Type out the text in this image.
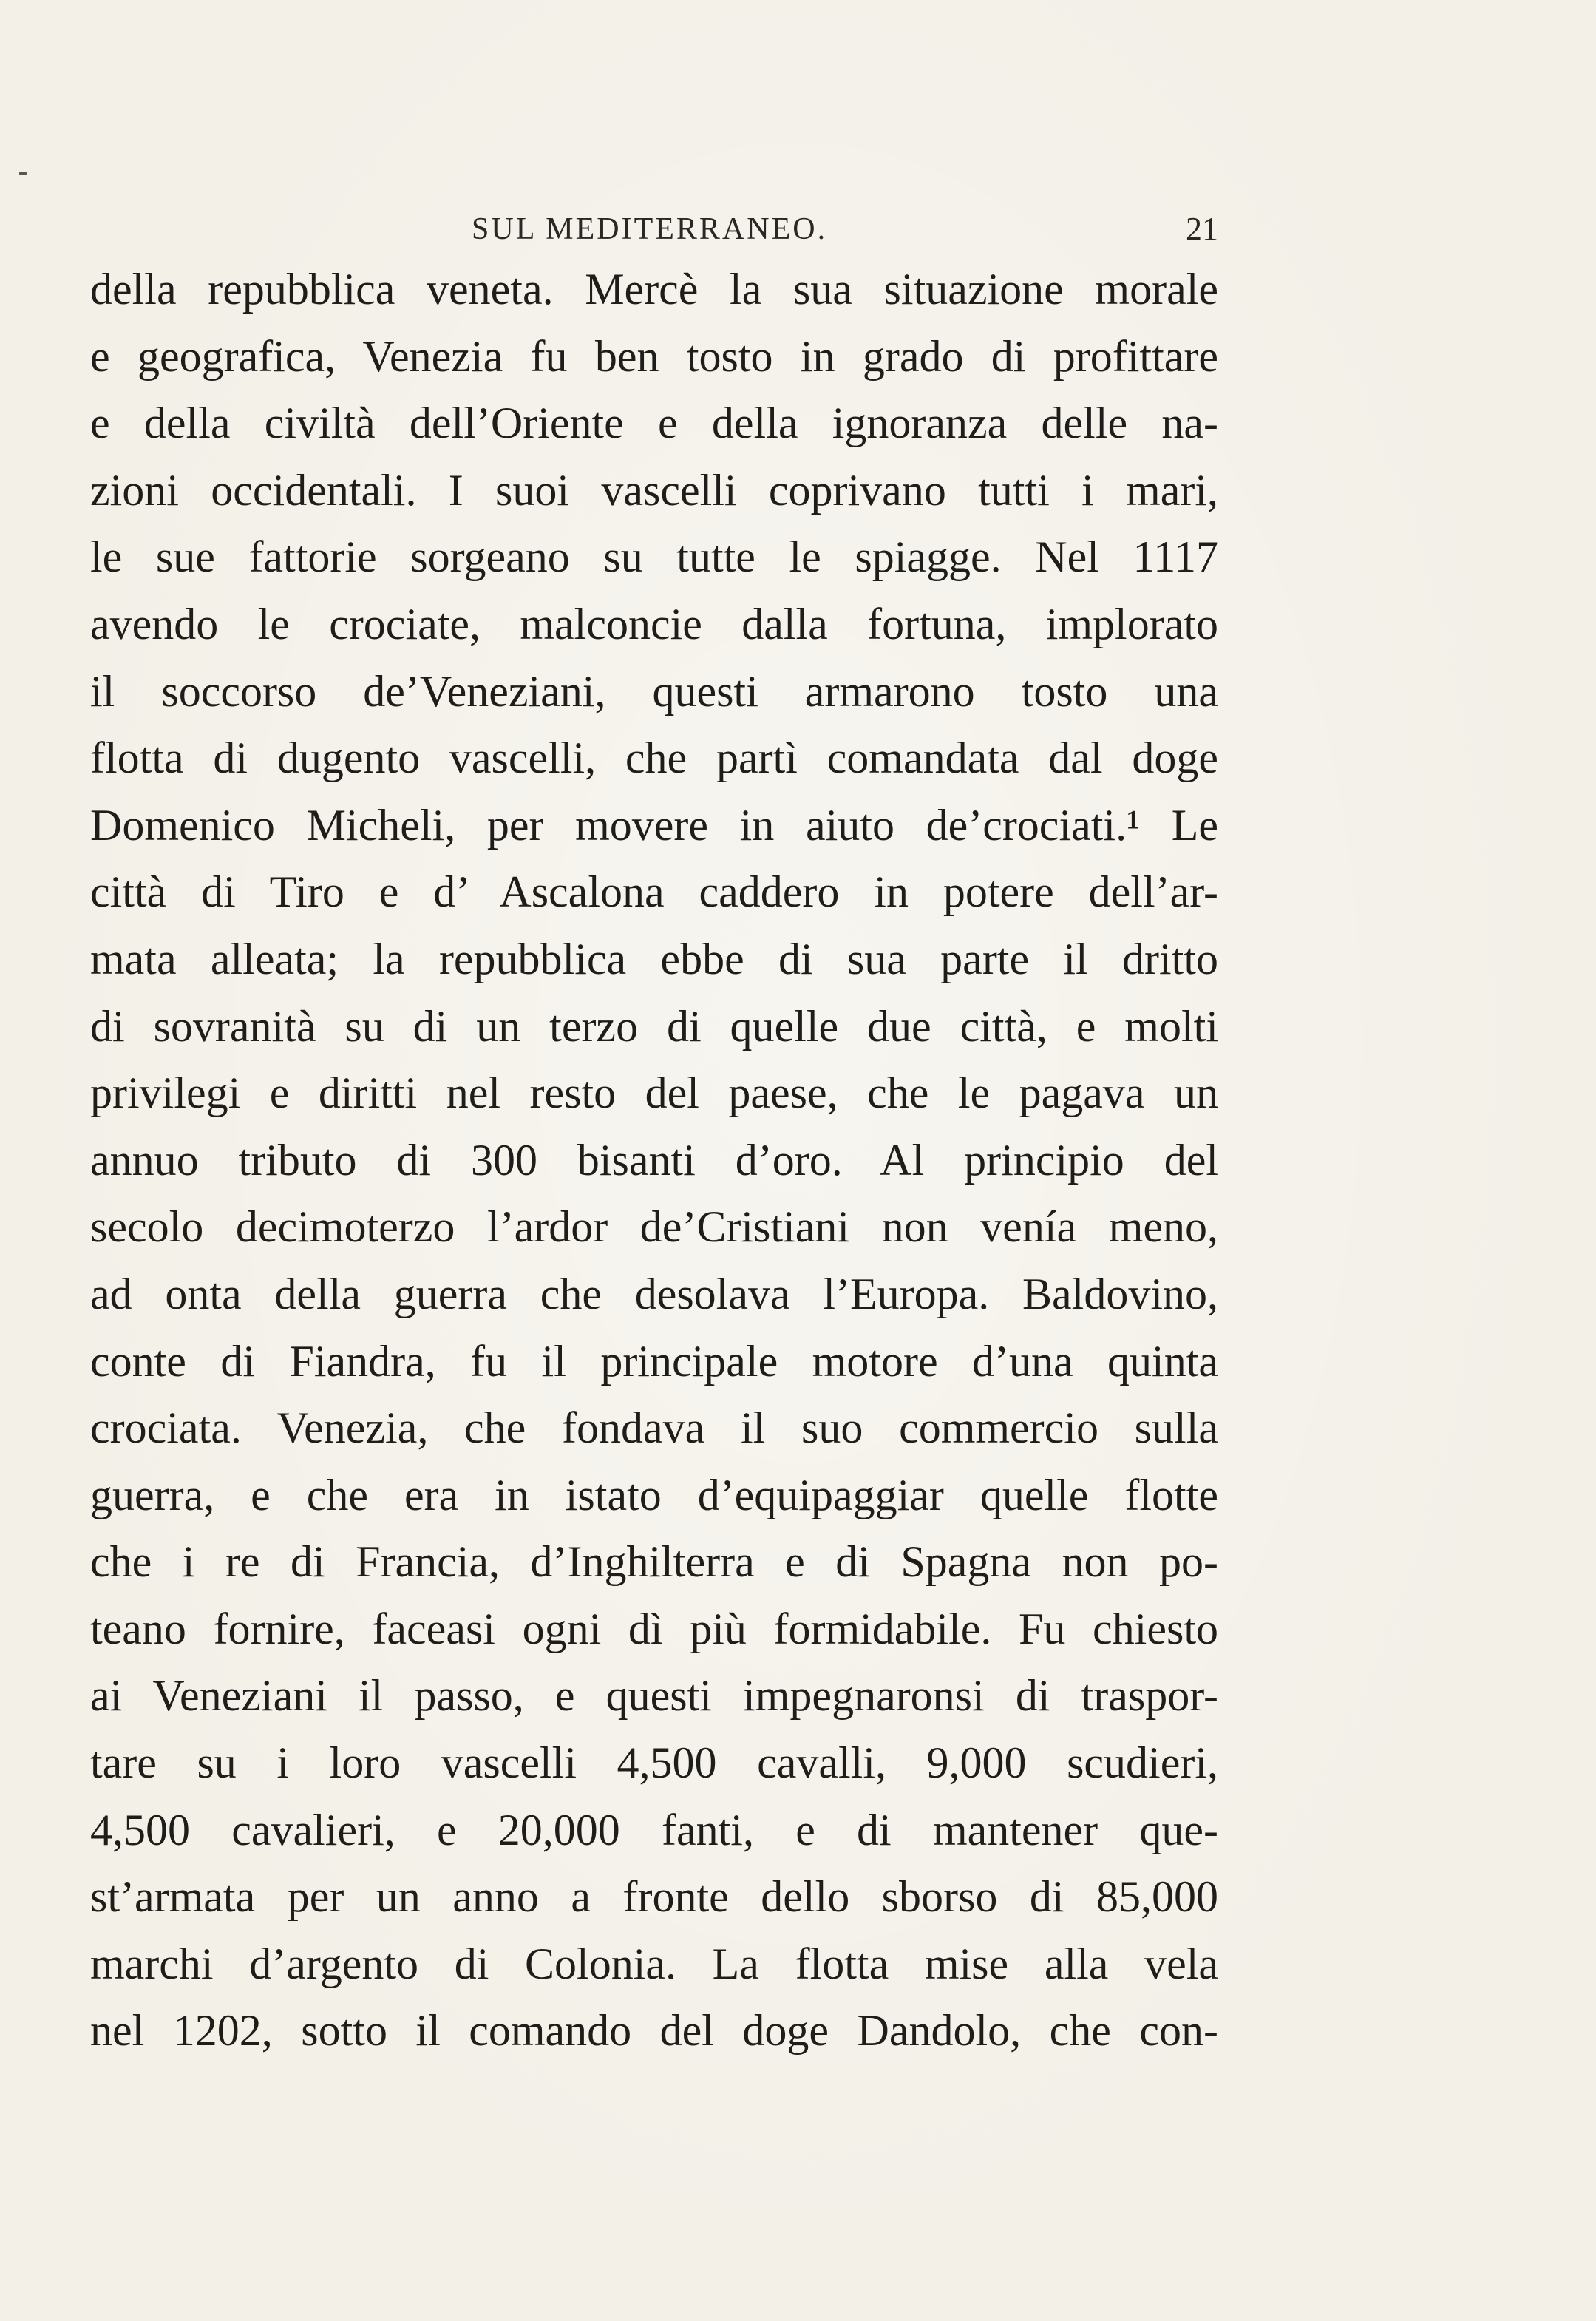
SUL MEDITERRANEO.	21
della repubblica veneta. Mercè la sua situazione morale
e geografica, Venezia fu ben tosto in grado di profittare
e della civiltà dell’Oriente e della ignoranza delle na-
zioni occidentali. I suoi vascelli coprivano tutti i mari,
le sue fattorie sorgeano su tutte le spiagge. Nel 1117
avendo le crociate, malconcie dalla fortuna, implorato
il soccorso de’Veneziani, questi armarono tosto una
flotta di dugento vascelli, che partì comandata dal doge
Domenico Micheli, per movere in aiuto de’crociati.¹ Le
città di Tiro e d’ Ascalona caddero in potere dell’ar-
mata alleata; la repubblica ebbe di sua parte il dritto
di sovranità su di un terzo di quelle due città, e molti
privilegi e diritti nel resto del paese, che le pagava un
annuo tributo di 300 bisanti d’oro. Al principio del
secolo decimoterzo l’ardor de’Cristiani non venía meno,
ad onta della guerra che desolava l’Europa. Baldovino,
conte di Fiandra, fu il principale motore d’una quinta
crociata. Venezia, che fondava il suo commercio sulla
guerra, e che era in istato d’equipaggiar quelle flotte
che i re di Francia, d’Inghilterra e di Spagna non po-
teano fornire, faceasi ogni dì più formidabile. Fu chiesto
ai Veneziani il passo, e questi impegnaronsi di traspor-
tare su i loro vascelli 4,500 cavalli, 9,000 scudieri,
4,500 cavalieri, e 20,000 fanti, e di mantener que-
st’armata per un anno a fronte dello sborso di 85,000
marchi d’argento di Colonia. La flotta mise alla vela
nel 1202, sotto il comando del doge Dandolo, che con-
